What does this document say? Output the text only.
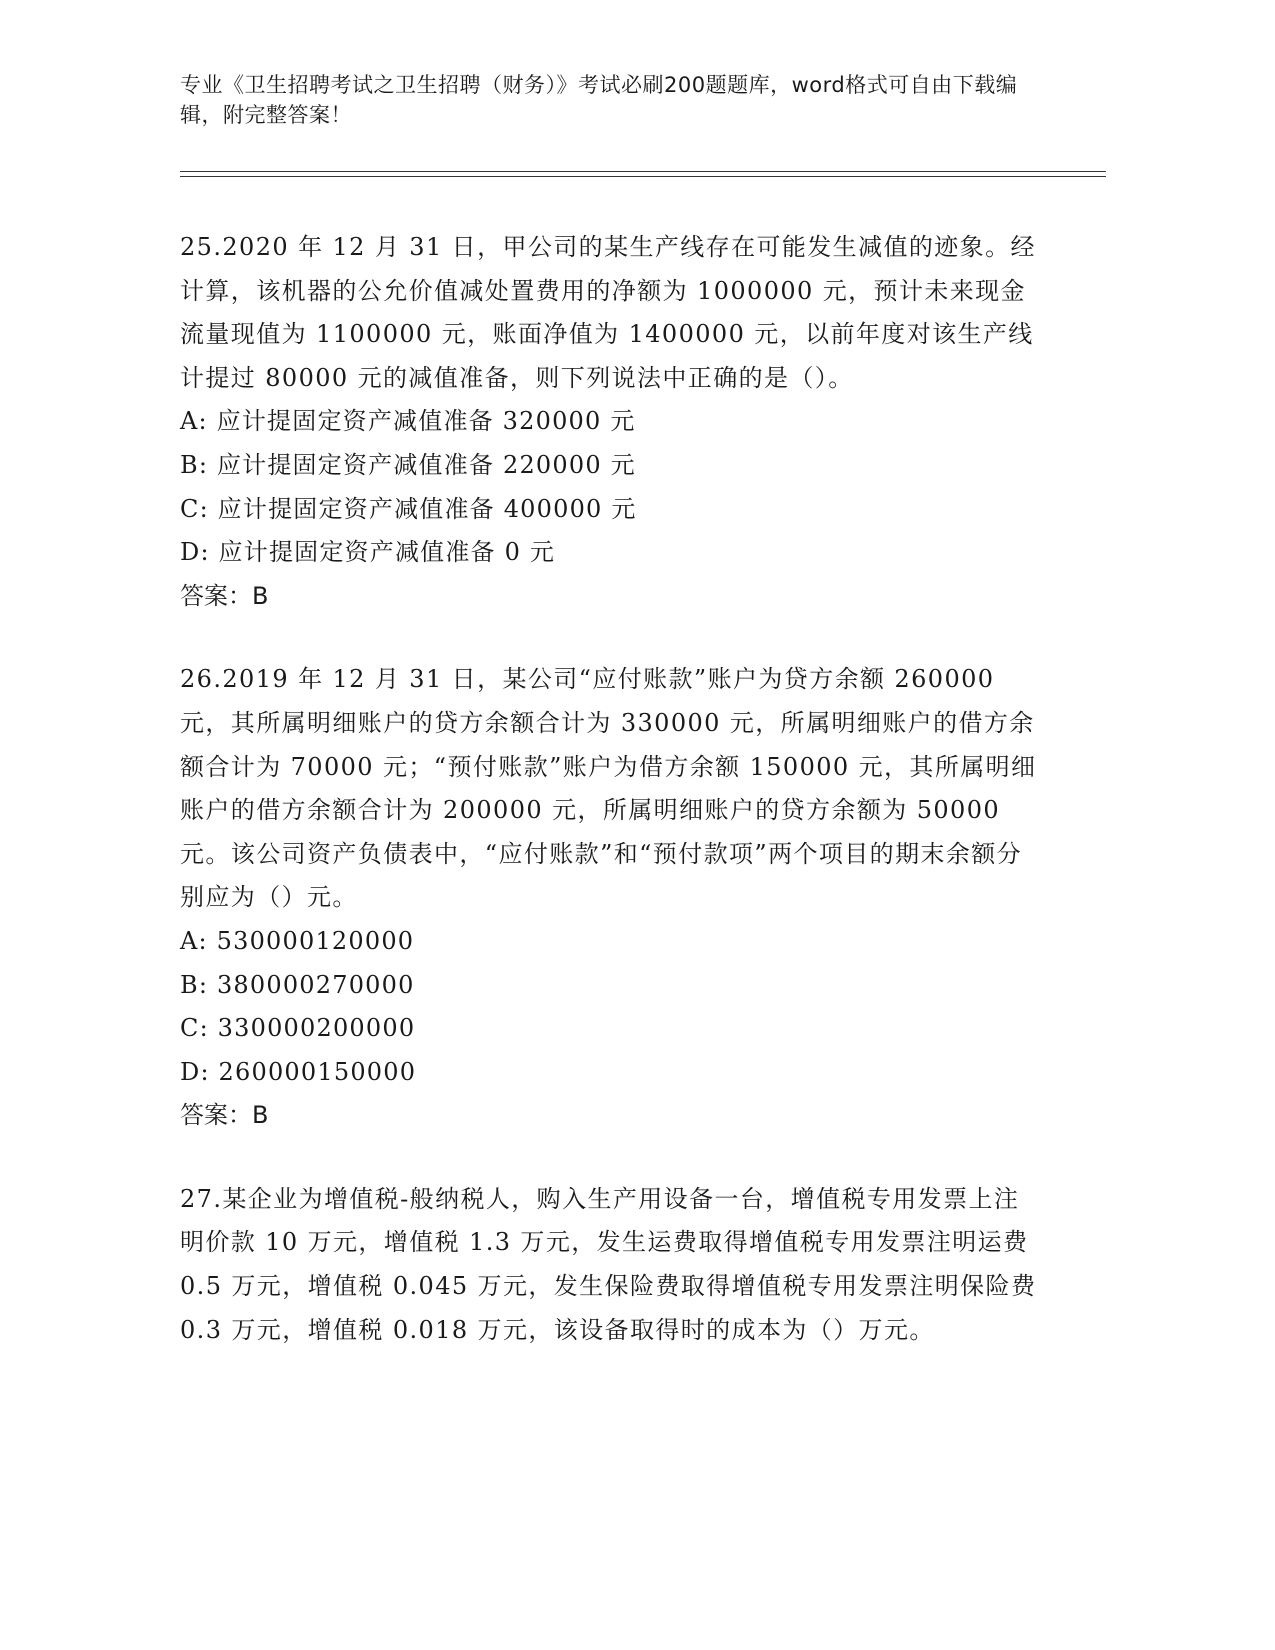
专业《卫生招聘考试之卫生招聘（财务）》考试必刷200题题库，word格式可自由下载编辑，附完整答案！

25.2020 年 12 月 31 日，甲公司的某生产线存在可能发生减值的迹象。经计算，该机器的公允价值减处置费用的净额为 1000000 元，预计未来现金流量现值为 1100000 元，账面净值为 1400000 元，以前年度对该生产线计提过 80000 元的减值准备，则下列说法中正确的是（）。

A: 应计提固定资产减值准备 320000 元

B: 应计提固定资产减值准备 220000 元

C: 应计提固定资产减值准备 400000 元

D: 应计提固定资产减值准备 0 元

答案：B

26.2019 年 12 月 31 日，某公司“应付账款”账户为贷方余额 260000 元，其所属明细账户的贷方余额合计为 330000 元，所属明细账户的借方余额合计为 70000 元；“预付账款”账户为借方余额 150000 元，其所属明细账户的借方余额合计为 200000 元，所属明细账户的贷方余额为 50000 元。该公司资产负债表中，“应付账款”和“预付款项”两个项目的期末余额分别应为（）元。

A: 530000120000

B: 380000270000

C: 330000200000

D: 260000150000

答案：B

27.某企业为增值税-般纳税人，购入生产用设备一台，增值税专用发票上注明价款 10 万元，增值税 1.3 万元，发生运费取得增值税专用发票注明运费 0.5 万元，增值税 0.045 万元，发生保险费取得增值税专用发票注明保险费 0.3 万元，增值税 0.018 万元，该设备取得时的成本为（）万元。
